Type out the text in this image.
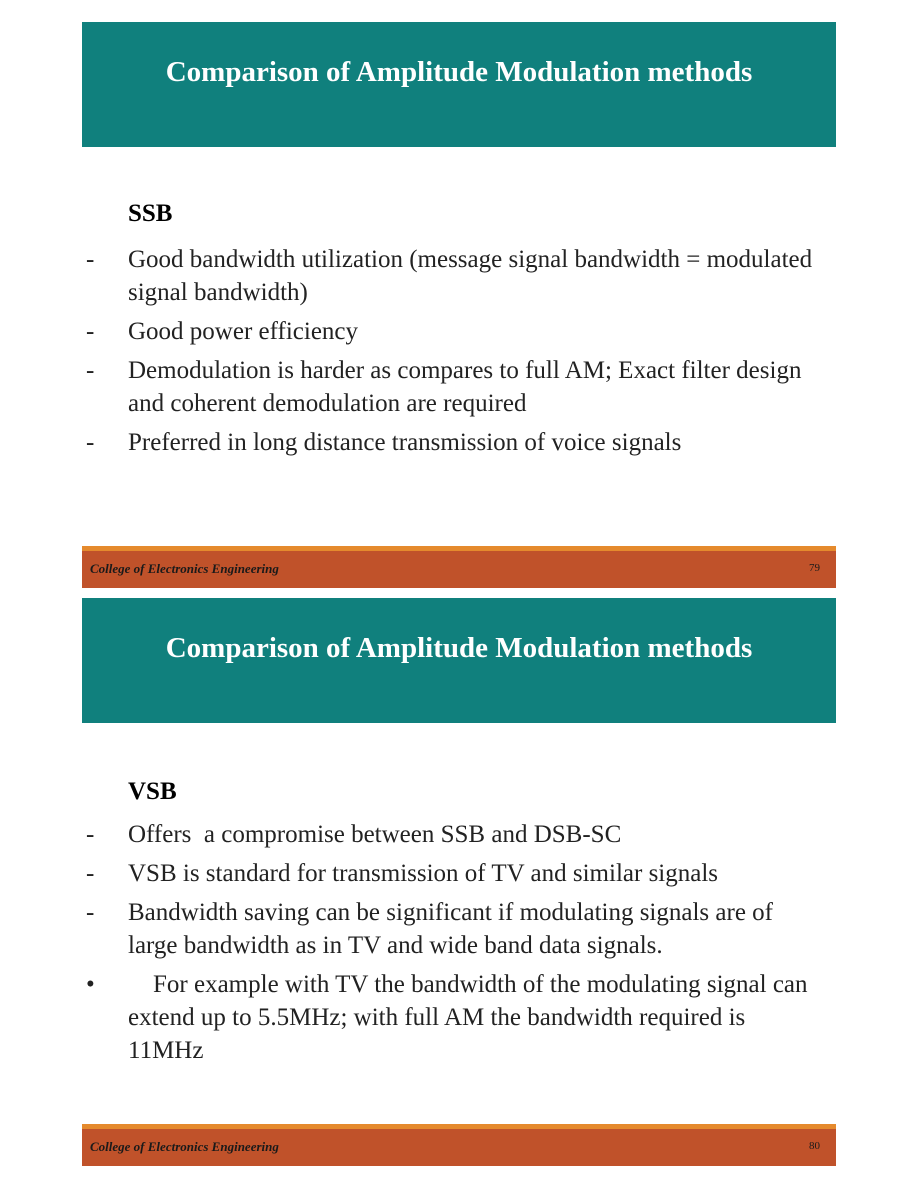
Comparison of Amplitude Modulation methods
SSB
-	Good bandwidth utilization (message signal bandwidth = modulated signal bandwidth)
-	Good power efficiency
-	Demodulation is harder as compares to full AM; Exact filter design and coherent demodulation are required
-	Preferred in long distance transmission of voice signals
College of Electronics Engineering	79
Comparison of Amplitude Modulation methods
VSB
-	Offers  a compromise between SSB and DSB-SC
-	VSB is standard for transmission of TV and similar signals
-	Bandwidth saving can be significant if modulating signals are of large bandwidth as in TV and wide band data signals.
•	For example with TV the bandwidth of the modulating signal can extend up to 5.5MHz; with full AM the bandwidth required is 11MHz
College of Electronics Engineering	80
